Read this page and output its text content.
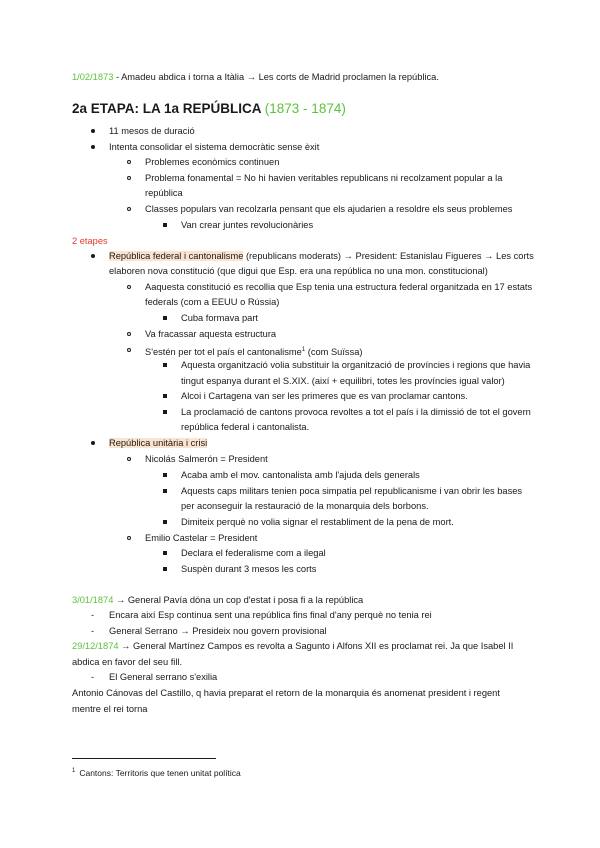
1/02/1873 - Amadeu abdica i torna a Itàlia → Les corts de Madrid proclamen la república.
2a ETAPA: LA 1a REPÚBLICA (1873 - 1874)
11 mesos de duració
Intenta consolidar el sistema democràtic sense èxit
Problemes econòmics continuen
Problema fonamental = No hi havien veritables republicans ni recolzament popular a la
república
Classes populars van recolzarla pensant que els ajudarien a resoldre els seus problemes
Van crear juntes revolucionàries
2 etapes
República federal i cantonalisme (republicans moderats) → President: Estanislau Figueres → Les corts
elaboren nova constitució (que digui que Esp. era una república no una mon. constitucional)
Aaquesta constitució es recollia que Esp tenia una estructura federal organitzada en 17 estats
federals (com a EEUU o Rússia)
Cuba formava part
Va fracassar aquesta estructura
S'estén per tot el país el cantonalisme$^1$ (com Suïssa)
Aquesta organització volia substituir la organització de províncies i regions que havia
tingut espanya durant el S.XIX. (així + equilibri, totes les províncies igual valor)
Alcoi i Cartagena van ser les primeres que es van proclamar cantons.
La proclamació de cantons provoca revoltes a tot el país i la dimissió de tot el govern
república federal i cantonalista.
República unitària i crisi
Nicolás Salmerón = President
Acaba amb el mov. cantonalista amb l'ajuda dels generals
Aquests caps militars tenien poca simpatia pel republicanisme i van obrir les bases
per aconseguir la restauració de la monarquia dels borbons.
Dimiteix perquè no volia signar el restabliment de la pena de mort.
Emilio Castelar = President
Declara el federalisme com a ilegal
Suspèn durant 3 mesos les corts
3/01/1874 → General Pavía dóna un cop d'estat i posa fi a la república
- Encara així Esp continua sent una república fins final d'any perquè no tenia rei
- General Serrano → Presideix nou govern provisional
29/12/1874 → General Martínez Campos es revolta a Sagunto i Alfons XII es proclamat rei. Ja que Isabel II
abdica en favor del seu fill.
- El General serrano s'exilia
Antonio Cánovas del Castillo, q havia preparat el retorn de la monarquia és anomenat president i regent
mentre el rei torna
$^1$ Cantons: Territoris que tenen unitat política
